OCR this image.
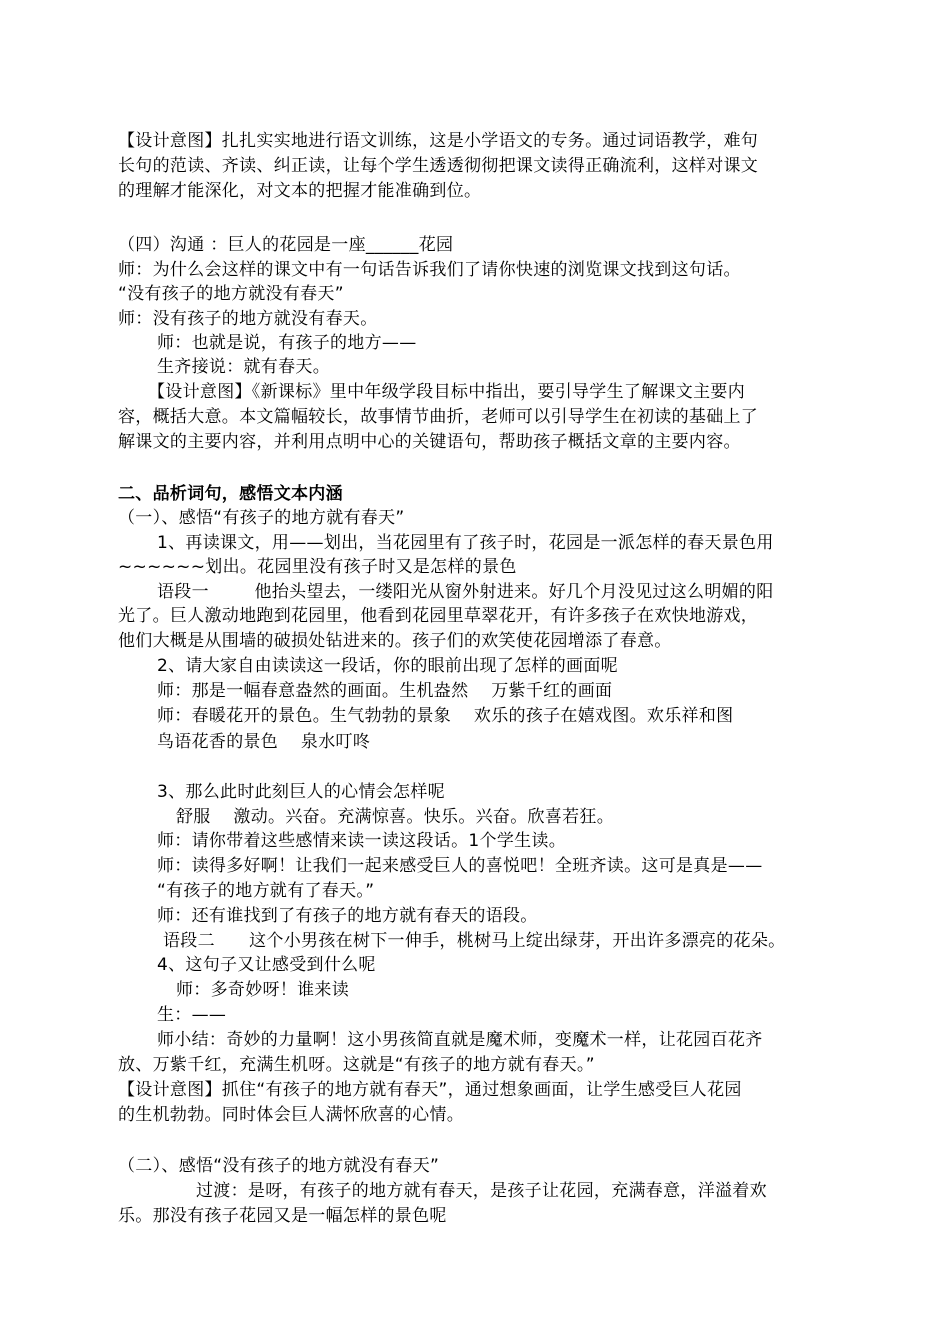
【设计意图】扎扎实实地进行语文训练，这是小学语文的专务。通过词语教学，难句
长句的范读、齐读、纠正读，让每个学生透透彻彻把课文读得正确流利，这样对课文
的理解才能深化，对文本的把握才能准确到位。
（四）沟通 ：巨人的花园是一座______花园
师：为什么会这样的课文中有一句话告诉我们了请你快速的浏览课文找到这句话。
“没有孩子的地方就没有春天”
师：没有孩子的地方就没有春天。
师：也就是说，有孩子的地方——
生齐接说：就有春天。
【设计意图】《新课标》里中年级学段目标中指出，要引导学生了解课文主要内
容，概括大意。本文篇幅较长，故事情节曲折，老师可以引导学生在初读的基础上了
解课文的主要内容，并利用点明中心的关键语句，帮助孩子概括文章的主要内容。
二、品析词句，感悟文本内涵
（一）、感悟“有孩子的地方就有春天”
1、再读课文，用——划出，当花园里有了孩子时，花园是一派怎样的春天景色用
~~~~~~划出。花园里没有孩子时又是怎样的景色
语段一        他抬头望去，一缕阳光从窗外射进来。好几个月没见过这么明媚的阳
光了。巨人激动地跑到花园里，他看到花园里草翠花开，有许多孩子在欢快地游戏，
他们大概是从围墙的破损处钻进来的。孩子们的欢笑使花园增添了春意。
2、请大家自由读读这一段话，你的眼前出现了怎样的画面呢
师：那是一幅春意盎然的画面。生机盎然    万紫千红的画面
师：春暖花开的景色。生气勃勃的景象    欢乐的孩子在嬉戏图。欢乐祥和图
鸟语花香的景色    泉水叮咚
3、那么此时此刻巨人的心情会怎样呢
舒服    激动。兴奋。充满惊喜。快乐。兴奋。欣喜若狂。
师：请你带着这些感情来读一读这段话。1个学生读。
师：读得多好啊！让我们一起来感受巨人的喜悦吧！全班齐读。这可是真是——
“有孩子的地方就有了春天。”
师：还有谁找到了有孩子的地方就有春天的语段。
语段二      这个小男孩在树下一伸手，桃树马上绽出绿芽，开出许多漂亮的花朵。
4、这句子又让感受到什么呢
师：多奇妙呀！谁来读
生：——
师小结：奇妙的力量啊！这小男孩简直就是魔术师，变魔术一样，让花园百花齐
放、万紫千红，充满生机呀。这就是“有孩子的地方就有春天。”
【设计意图】抓住“有孩子的地方就有春天”，通过想象画面，让学生感受巨人花园
的生机勃勃。同时体会巨人满怀欣喜的心情。
（二）、感悟“没有孩子的地方就没有春天”
过渡：是呀，有孩子的地方就有春天，是孩子让花园，充满春意，洋溢着欢
乐。那没有孩子花园又是一幅怎样的景色呢
